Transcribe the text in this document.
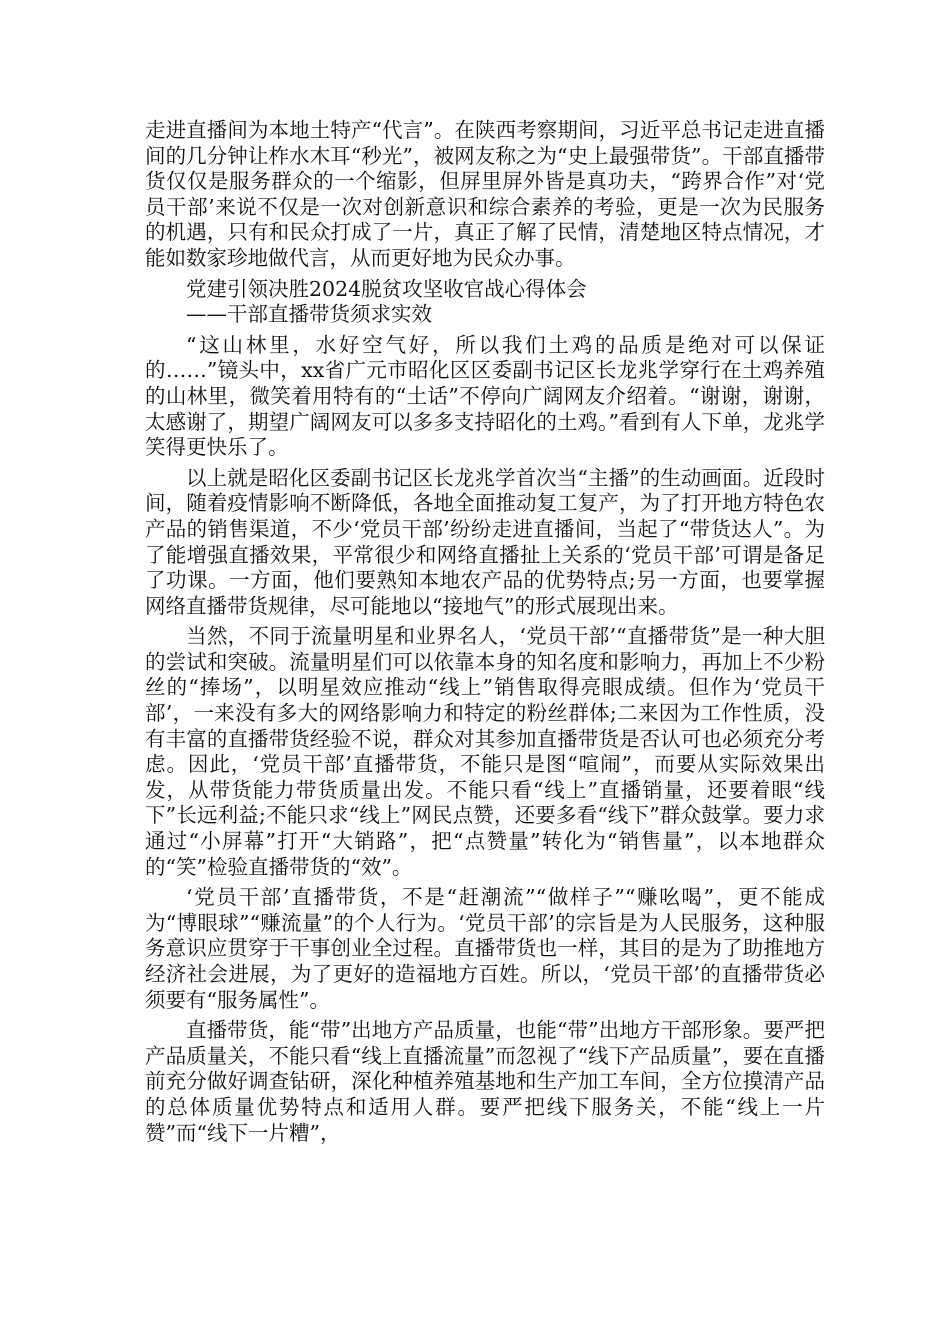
走进直播间为本地土特产“代言”。在陕西考察期间，习近平总书记走进直播间的几分钟让柞水木耳“秒光”，被网友称之为“史上最强带货”。干部直播带货仅仅是服务群众的一个缩影，但屏里屏外皆是真功夫，“跨界合作”对‘党员干部’来说不仅是一次对创新意识和综合素养的考验，更是一次为民服务的机遇，只有和民众打成了一片，真正了解了民情，清楚地区特点情况，才能如数家珍地做代言，从而更好地为民众办事。

党建引领决胜2024脱贫攻坚收官战心得体会

——干部直播带货须求实效

“这山林里，水好空气好，所以我们土鸡的品质是绝对可以保证的……”镜头中，xx省广元市昭化区区委副书记区长龙兆学穿行在土鸡养殖的山林里，微笑着用特有的“土话”不停向广阔网友介绍着。“谢谢，谢谢，太感谢了，期望广阔网友可以多多支持昭化的土鸡。”看到有人下单，龙兆学笑得更快乐了。

以上就是昭化区委副书记区长龙兆学首次当“主播”的生动画面。近段时间，随着疫情影响不断降低，各地全面推动复工复产，为了打开地方特色农产品的销售渠道，不少‘党员干部’纷纷走进直播间，当起了“带货达人”。为了能增强直播效果，平常很少和网络直播扯上关系的‘党员干部’可谓是备足了功课。一方面，他们要熟知本地农产品的优势特点;另一方面，也要掌握网络直播带货规律，尽可能地以“接地气”的形式展现出来。

当然，不同于流量明星和业界名人，‘党员干部’“直播带货”是一种大胆的尝试和突破。流量明星们可以依靠本身的知名度和影响力，再加上不少粉丝的“捧场”，以明星效应推动“线上”销售取得亮眼成绩。但作为‘党员干部’，一来没有多大的网络影响力和特定的粉丝群体;二来因为工作性质，没有丰富的直播带货经验不说，群众对其参加直播带货是否认可也必须充分考虑。因此，‘党员干部’直播带货，不能只是图“喧闹”，而要从实际效果出发，从带货能力带货质量出发。不能只看“线上”直播销量，还要着眼“线下”长远利益;不能只求“线上”网民点赞，还要多看“线下”群众鼓掌。要力求通过“小屏幕”打开“大销路”，把“点赞量”转化为“销售量”，以本地群众的“笑”检验直播带货的“效”。

‘党员干部’直播带货，不是“赶潮流”“做样子”“赚吆喝”，更不能成为“博眼球”“赚流量”的个人行为。‘党员干部’的宗旨是为人民服务，这种服务意识应贯穿于干事创业全过程。直播带货也一样，其目的是为了助推地方经济社会进展，为了更好的造福地方百姓。所以，‘党员干部’的直播带货必须要有“服务属性”。

直播带货，能“带”出地方产品质量，也能“带”出地方干部形象。要严把产品质量关，不能只看“线上直播流量”而忽视了“线下产品质量”，要在直播前充分做好调查钻研，深化种植养殖基地和生产加工车间，全方位摸清产品的总体质量优势特点和适用人群。要严把线下服务关，不能“线上一片赞”而“线下一片糟”，
